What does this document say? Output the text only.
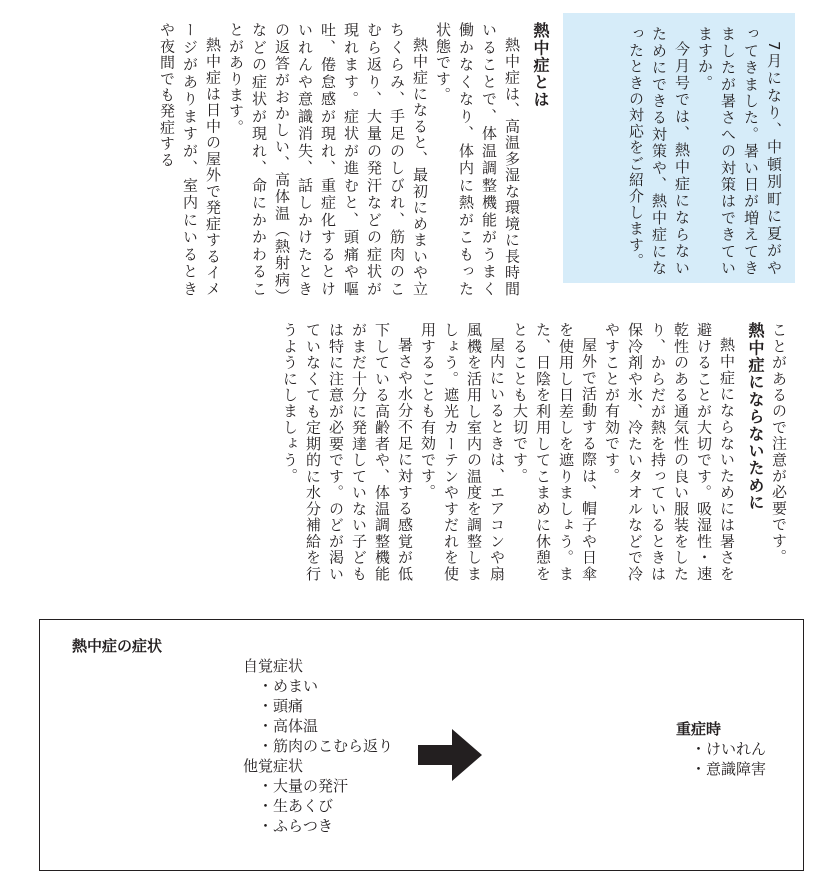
7月になり、中頓別町に夏がやってきました。暑い日が増えてきましたが暑さへの対策はできていますか。

今月号では、熱中症にならないためにできる対策や、熱中症になったときの対応をご紹介します。

熱中症とは

熱中症は、高温多湿な環境に長時間いることで、体温調整機能がうまく働かなくなり、体内に熱がこもった状態です。

熱中症になると、最初にめまいや立ちくらみ、手足のしびれ、筋肉のこむら返り、大量の発汗などの症状が現れます。症状が進むと、頭痛や嘔吐、倦怠感が現れ、重症化するとけいれんや意識消失、話しかけたときの返答がおかしい、高体温（熱射病）などの症状が現れ、命にかかわることがあります。

熱中症は日中の屋外で発症するイメージがありますが、室内にいるときや夜間でも発症する

ことがあるので注意が必要です。

熱中症にならないために

熱中症にならないためには暑さを避けることが大切です。吸湿性・速乾性のある通気性の良い服装をしたり、からだが熱を持っているときは保冷剤や氷、冷たいタオルなどで冷やすことが有効です。

屋外で活動する際は、帽子や日傘を使用し日差しを遮りましょう。また、日陰を利用してこまめに休憩をとることも大切です。

屋内にいるときは、エアコンや扇風機を活用し室内の温度を調整しましょう。遮光カーテンやすだれを使用することも有効です。

暑さや水分不足に対する感覚が低下している高齢者や、体温調整機能がまだ十分に発達していない子どもは特に注意が必要です。のどが渇いていなくても定期的に水分補給を行うようにしましょう。

熱中症の症状
自覚症状
・めまい
・頭痛
・高体温
・筋肉のこむら返り
他覚症状
・大量の発汗
・生あくび
・ふらつき
重症時
・けいれん
・意識障害
